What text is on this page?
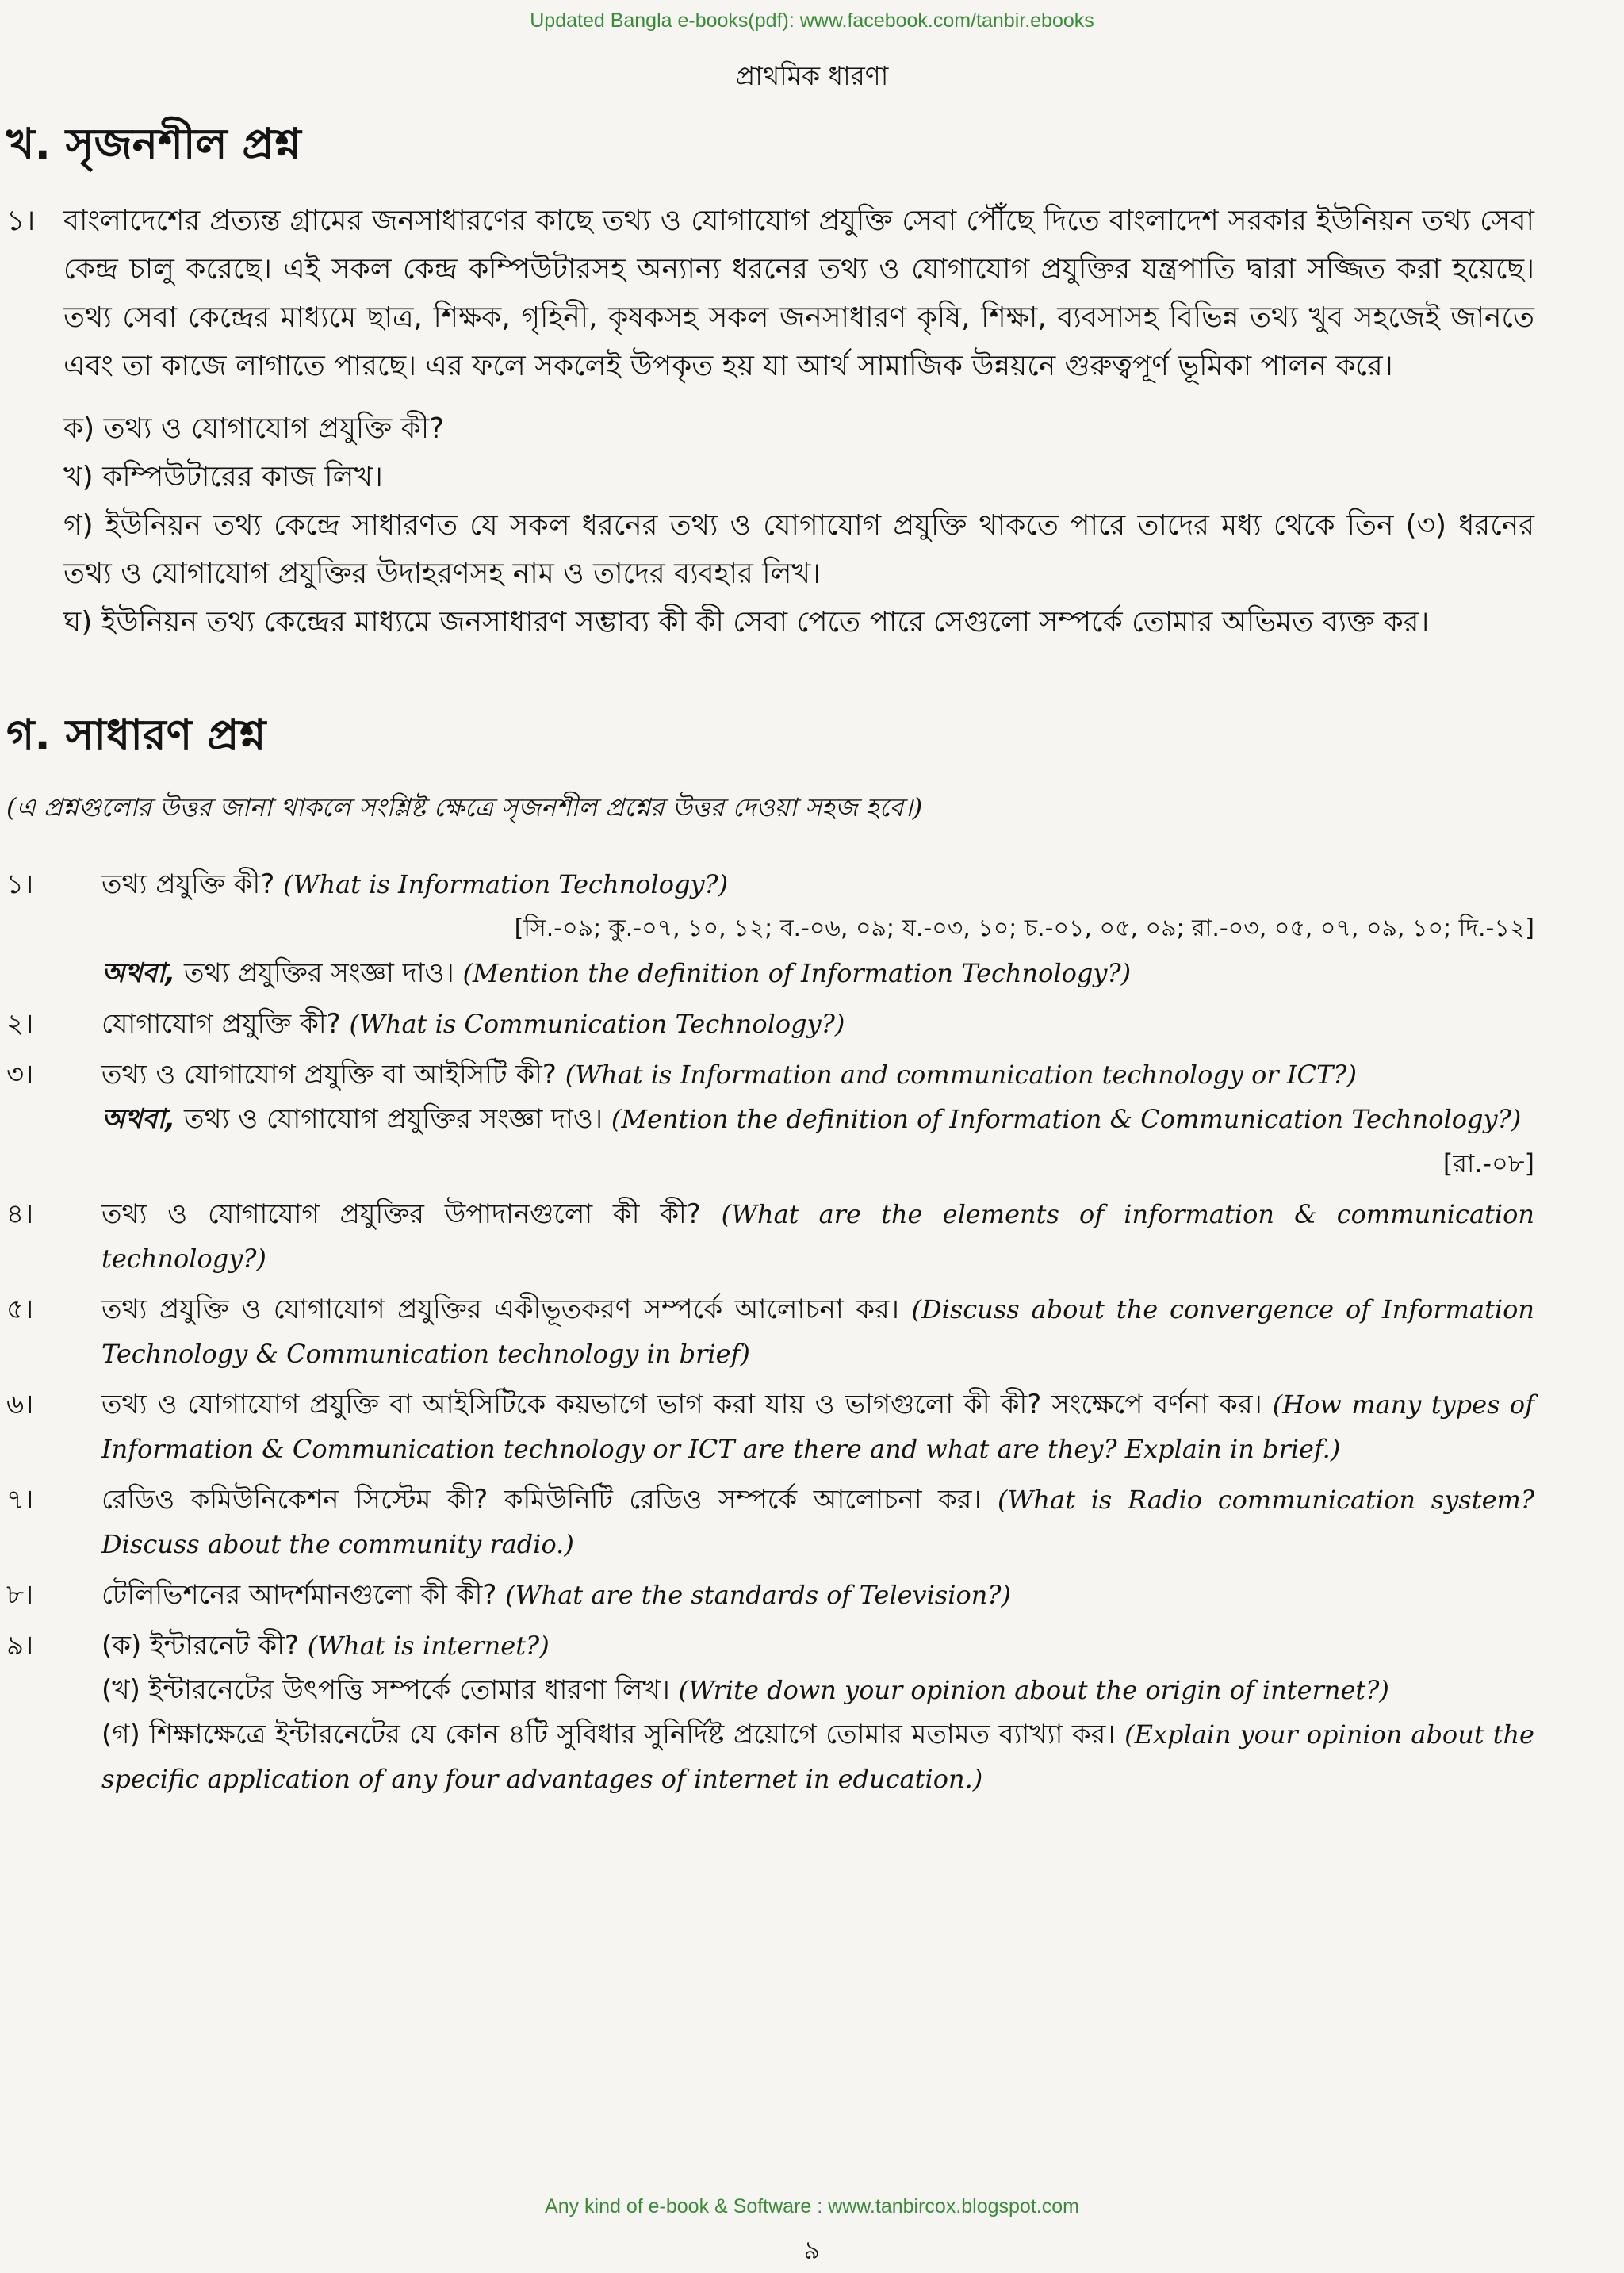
Updated Bangla e-books(pdf): www.facebook.com/tanbir.ebooks
প্রাথমিক ধারণা
খ. সৃজনশীল প্রশ্ন
১। বাংলাদেশের প্রত্যন্ত গ্রামের জনসাধারণের কাছে তথ্য ও যোগাযোগ প্রযুক্তি সেবা পৌঁছে দিতে বাংলাদেশ সরকার ইউনিয়ন তথ্য সেবা কেন্দ্র চালু করেছে। এই সকল কেন্দ্র কম্পিউটারসহ অন্যান্য ধরনের তথ্য ও যোগাযোগ প্রযুক্তির যন্ত্রপাতি দ্বারা সজ্জিত করা হয়েছে। তথ্য সেবা কেন্দ্রের মাধ্যমে ছাত্র, শিক্ষক, গৃহিনী, কৃষকসহ সকল জনসাধারণ কৃষি, শিক্ষা, ব্যবসাসহ বিভিন্ন তথ্য খুব সহজেই জানতে এবং তা কাজে লাগাতে পারছে। এর ফলে সকলেই উপকৃত হয় যা আর্থ সামাজিক উন্নয়নে গুরুত্বপূর্ণ ভূমিকা পালন করে।

ক) তথ্য ও যোগাযোগ প্রযুক্তি কী?

খ) কম্পিউটারের কাজ লিখ।

গ) ইউনিয়ন তথ্য কেন্দ্রে সাধারণত যে সকল ধরনের তথ্য ও যোগাযোগ প্রযুক্তি থাকতে পারে তাদের মধ্য থেকে তিন (৩) ধরনের তথ্য ও যোগাযোগ প্রযুক্তির উদাহরণসহ নাম ও তাদের ব্যবহার লিখ।

ঘ) ইউনিয়ন তথ্য কেন্দ্রের মাধ্যমে জনসাধারণ সম্ভাব্য কী কী সেবা পেতে পারে সেগুলো সম্পর্কে তোমার অভিমত ব্যক্ত কর।

গ. সাধারণ প্রশ্ন
(এ প্রশ্নগুলোর উত্তর জানা থাকলে সংশ্লিষ্ট ক্ষেত্রে সৃজনশীল প্রশ্নের উত্তর দেওয়া সহজ হবে।)
১।	তথ্য প্রযুক্তি কী? (What is Information Technology?)
[সি.-০৯; কু.-০৭, ১০, ১২; ব.-০৬, ০৯; য.-০৩, ১০; চ.-০১, ০৫, ০৯; রা.-০৩, ০৫, ০৭, ০৯, ১০; দি.-১২]
অথবা, তথ্য প্রযুক্তির সংজ্ঞা দাও। (Mention the definition of Information Technology?)
২।	যোগাযোগ প্রযুক্তি কী? (What is Communication Technology?)
৩।	তথ্য ও যোগাযোগ প্রযুক্তি বা আইসিটি কী? (What is Information and communication technology or ICT?)
অথবা, তথ্য ও যোগাযোগ প্রযুক্তির সংজ্ঞা দাও। (Mention the definition of Information & Communication Technology?)
[রা.-০৮]
৪।	তথ্য ও যোগাযোগ প্রযুক্তির উপাদানগুলো কী কী? (What are the elements of information & communication technology?)
৫।	তথ্য প্রযুক্তি ও যোগাযোগ প্রযুক্তির একীভূতকরণ সম্পর্কে আলোচনা কর। (Discuss about the convergence of Information Technology & Communication technology in brief)
৬।	তথ্য ও যোগাযোগ প্রযুক্তি বা আইসিটিকে কয়ভাগে ভাগ করা যায় ও ভাগগুলো কী কী? সংক্ষেপে বর্ণনা কর। (How many types of Information & Communication technology or ICT are there and what are they? Explain in brief.)
৭।	রেডিও কমিউনিকেশন সিস্টেম কী? কমিউনিটি রেডিও সম্পর্কে আলোচনা কর। (What is Radio communication system? Discuss about the community radio.)
৮।	টেলিভিশনের আদর্শমানগুলো কী কী? (What are the standards of Television?)
৯।	(ক) ইন্টারনেট কী? (What is internet?)
(খ) ইন্টারনেটের উৎপত্তি সম্পর্কে তোমার ধারণা লিখ। (Write down your opinion about the origin of internet?)
(গ) শিক্ষাক্ষেত্রে ইন্টারনেটের যে কোন ৪টি সুবিধার সুনির্দিষ্ট প্রয়োগে তোমার মতামত ব্যাখ্যা কর। (Explain your opinion about the specific application of any four advantages of internet in education.)
Any kind of e-book & Software : www.tanbircox.blogspot.com
৯
